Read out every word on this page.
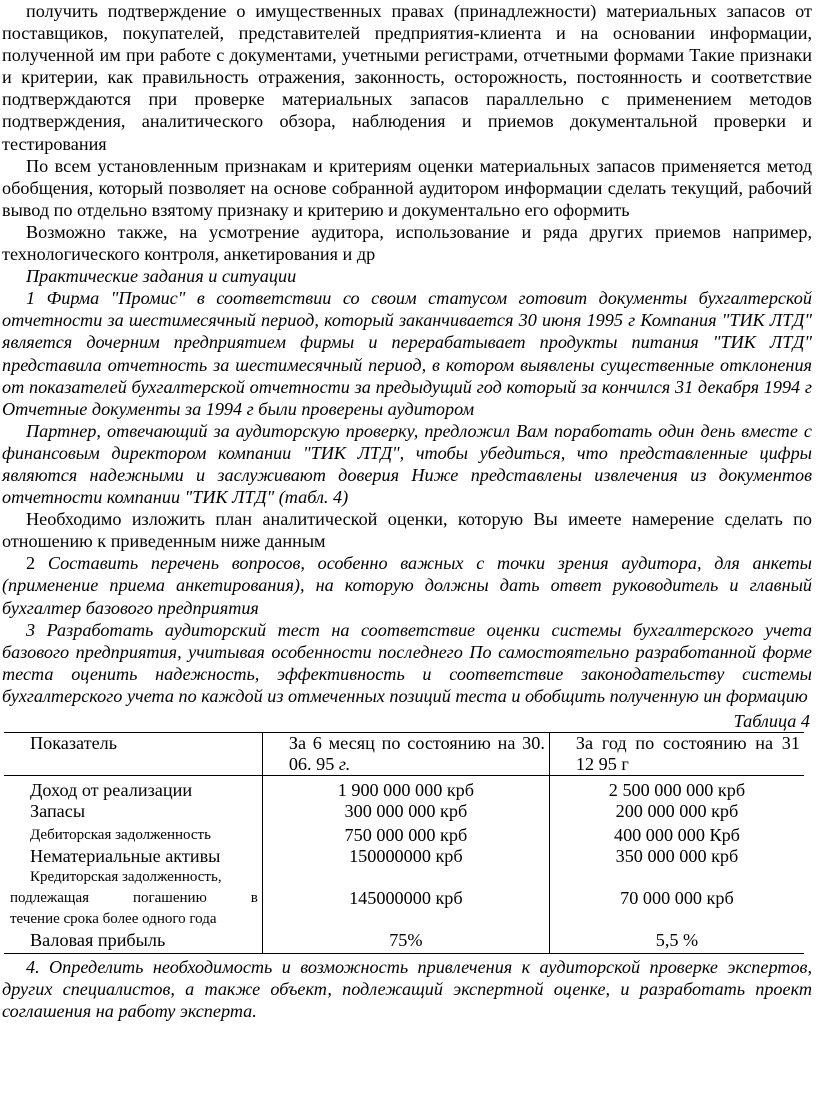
получить подтверждение о имущественных правах (принадлежности) материальных запасов от поставщиков, покупателей, представителей предприятия-клиента и на основании информации, полученной им при работе с документами, учетными регистрами, отчетными формами Такие признаки и критерии, как правильность отражения, законность, осторожность, постоянность и соответствие подтверждаются при проверке материальных запасов параллельно с применением методов подтверждения, аналитического обзора, наблюдения и приемов документальной проверки и тестирования

По всем установленным признакам и критериям оценки материальных запасов применяется метод обобщения, который позволяет на основе собранной аудитором информации сделать текущий, рабочий вывод по отдельно взятому признаку и критерию и документально его оформить

Возможно также, на усмотрение аудитора, использование и ряда других приемов например, технологического контроля, анкетирования и др

Практические задания и ситуации

1 Фирма "Промис" в соответствии со своим статусом готовит документы бухгалтерской отчетности за шестимесячный период, который заканчивается 30 июня 1995 г Компания "ТИК ЛТД" является дочерним предприятием фирмы и перерабатывает продукты питания "ТИК ЛТД" представила отчетность за шестимесячный период, в котором выявлены существенные отклонения от показателей бухгалтерской отчетности за предыдущий год который за кончился 31 декабря 1994 г Отчетные документы за 1994 г были проверены аудитором

Партнер, отвечающий за аудиторскую проверку, предложил Вам поработать один день вместе с финансовым директором компании "ТИК ЛТД", чтобы убедиться, что представленные цифры являются надежными и заслуживают доверия Ниже представлены извлечения из документов отчетности компании "ТИК ЛТД" (табл. 4)

Необходимо изложить план аналитической оценки, которую Вы имеете намерение сделать по отношению к приведенным ниже данным

2 Составить перечень вопросов, особенно важных с точки зрения аудитора, для анкеты (применение приема анкетирования), на которую должны дать ответ руководитель и главный бухгалтер базового предприятия

3 Разработать аудиторский тест на соответствие оценки системы бухгалтерского учета базового предприятия, учитывая особенности последнего По самостоятельно разработанной форме теста оценить надежность, эффективность и соответствие законодательству системы бухгалтерского учета по каждой из отмеченных позиций теста и обобщить полученную ин формацию

Таблица 4
Показатель	За 6 месяц по состоянию на 30. 06. 95 г.	За год по состоянию на 31 12 95 г
Доход от реализации	1 900 000 000 крб	2 500 000 000 крб
Запасы	300 000 000 крб	200 000 000 крб
Дебиторская задолженность	750 000 000 крб	400 000 000 Крб
Нематериальные активы	150000000 крб	350 000 000 крб

Кредиторская задолженность,
подлежащая погашению в
течение срока более одного года	145000000 крб	70 000 000 крб
Валовая прибыль	75%	5,5 %

4. Определить необходимость и возможность привлечения к аудиторской проверке экспертов, других специалистов, а также объект, подлежащий экспертной оценке, и разработать проект соглашения на работу эксперта.
